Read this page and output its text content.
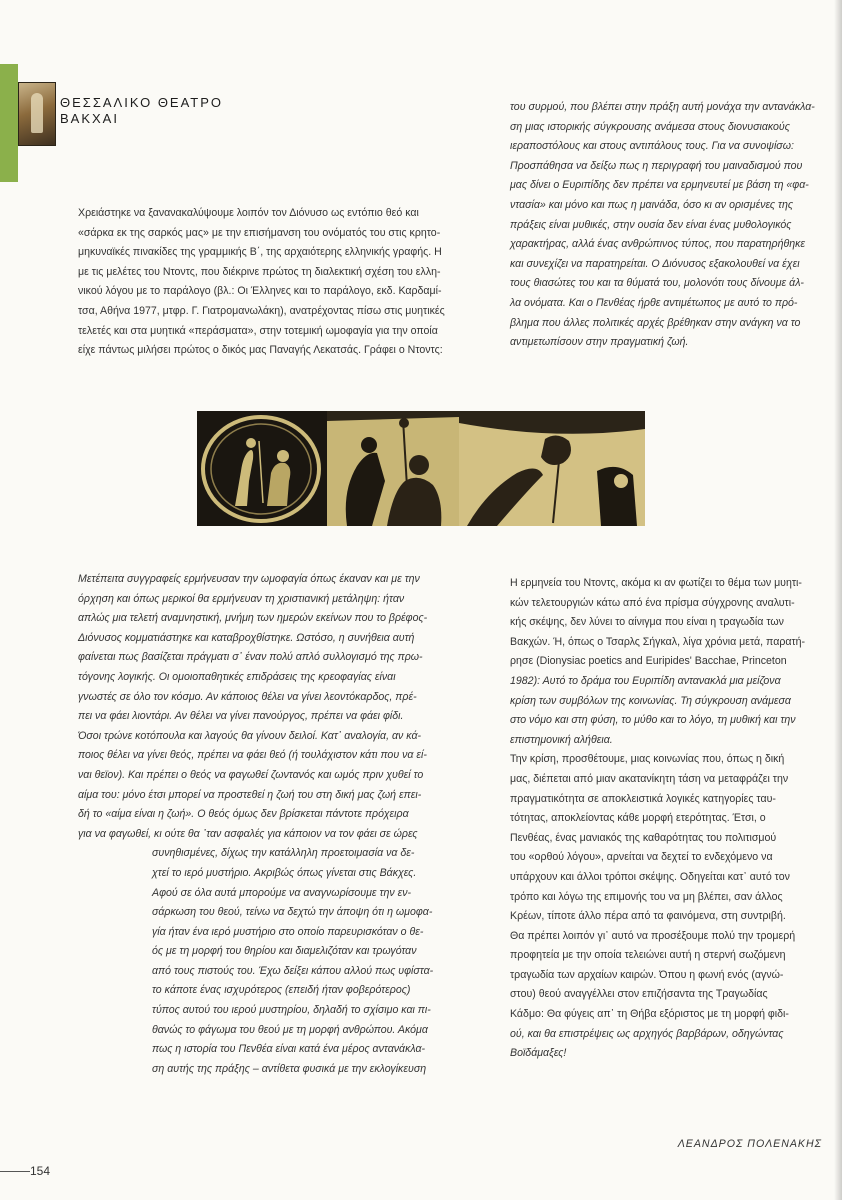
ΘΕΣΣΑΛΙΚΟ ΘΕΑΤΡΟ
ΒΑΚΧΑΙ
Χρειάστηκε να ξανανακαλύψουμε λοιπόν τον Διόνυσο ως εντόπιο θεό και
«σάρκα εκ της σαρκός μας» με την επισήμανση του ονόματός του στις κρητο-
μηκυναϊκές πινακίδες της γραμμικής Β΄, της αρχαιότερης ελληνικής γραφής. Η
με τις μελέτες του Ντοντς, που διέκρινε πρώτος τη διαλεκτική σχέση του ελλη-
νικού λόγου με το παράλογο (βλ.: Οι Έλληνες και το παράλογο, εκδ. Καρδαμί-
τσα, Αθήνα 1977, μτφρ. Γ. Γιατρομανωλάκη), ανατρέχοντας πίσω στις μυητικές
τελετές και στα μυητικά «περάσματα», στην τοτεμική ωμοφαγία για την οποία
είχε πάντως μιλήσει πρώτος ο δικός μας Παναγής Λεκατσάς. Γράφει ο Ντοντς:
του συρμού, που βλέπει στην πράξη αυτή μονάχα την αντανάκλα-
ση μιας ιστορικής σύγκρουσης ανάμεσα στους διονυσιακούς
ιεραποστόλους και στους αντιπάλους τους. Για να συνοψίσω:
Προσπάθησα να δείξω πως η περιγραφή του μαιναδισμού που
μας δίνει ο Ευριπίδης δεν πρέπει να ερμηνευτεί με βάση τη «φα-
ντασία» και μόνο και πως η μαινάδα, όσο κι αν ορισμένες της
πράξεις είναι μυθικές, στην ουσία δεν είναι ένας μυθολογικός
χαρακτήρας, αλλά ένας ανθρώπινος τύπος, που παρατηρήθηκε
και συνεχίζει να παρατηρείται. Ο Διόνυσος εξακολουθεί να έχει
τους θιασώτες του και τα θύματά του, μολονότι τους δίνουμε άλ-
λα ονόματα. Και ο Πενθέας ήρθε αντιμέτωπος με αυτό το πρό-
βλημα που άλλες πολιτικές αρχές βρέθηκαν στην ανάγκη να το
αντιμετωπίσουν στην πραγματική ζωή.
Μετέπειτα συγγραφείς ερμήνευσαν την ωμοφαγία όπως έκαναν και με την
όρχηση και όπως μερικοί θα ερμήνευαν τη χριστιανική μετάληψη: ήταν
απλώς μια τελετή αναμνηστική, μνήμη των ημερών εκείνων που το βρέφος-
Διόνυσος κομματιάστηκε και καταβροχθίστηκε. Ωστόσο, η συνήθεια αυτή
φαίνεται πως βασίζεται πράγματι σ᾽ έναν πολύ απλό συλλογισμό της πρω-
τόγονης λογικής. Οι ομοιοπαθητικές επιδράσεις της κρεοφαγίας είναι
γνωστές σε όλο τον κόσμο. Αν κάποιος θέλει να γίνει λεοντόκαρδος, πρέ-
πει να φάει λιοντάρι. Αν θέλει να γίνει πανούργος, πρέπει να φάει φίδι.
Όσοι τρώνε κοτόπουλα και λαγούς θα γίνουν δειλοί. Κατ᾽ αναλογία, αν κά-
ποιος θέλει να γίνει θεός, πρέπει να φάει θεό (ή τουλάχιστον κάτι που να εί-
ναι θεϊον). Και πρέπει ο θεός να φαγωθεί ζωντανός και ωμός πριν χυθεί το
αίμα του: μόνο έτσι μπορεί να προστεθεί η ζωή του στη δική μας ζωή επει-
δή το «αίμα είναι η ζωή». Ο θεός όμως δεν βρίσκεται πάντοτε πρόχειρα
για να φαγωθεί, κι ούτε θα ᾽ταν ασφαλές για κάποιον να τον φάει σε ώρες
συνηθισμένες, δίχως την κατάλληλη προετοιμασία να δε-
χτεί το ιερό μυστήριο. Ακριβώς όπως γίνεται στις Βάκχες.
Αφού σε όλα αυτά μπορούμε να αναγνωρίσουμε την εν-
σάρκωση του θεού, τείνω να δεχτώ την άποψη ότι η ωμοφα-
γία ήταν ένα ιερό μυστήριο στο οποίο παρευρισκόταν ο θε-
ός με τη μορφή του θηρίου και διαμελιζόταν και τρωγόταν
από τους πιστούς του. Έχω δείξει κάπου αλλού πως υφίστα-
το κάποτε ένας ισχυρότερος (επειδή ήταν φοβερότερος)
τύπος αυτού του ιερού μυστηρίου, δηλαδή το σχίσιμο και πι-
θανώς το φάγωμα του θεού με τη μορφή ανθρώπου. Ακόμα
πως η ιστορία του Πενθέα είναι κατά ένα μέρος αντανάκλα-
ση αυτής της πράξης – αντίθετα φυσικά με την εκλογίκευση
Η ερμηνεία του Ντοντς, ακόμα κι αν φωτίζει το θέμα των μυητι-
κών τελετουργιών κάτω από ένα πρίσμα σύγχρονης αναλυτι-
κής σκέψης, δεν λύνει το αίνιγμα που είναι η τραγωδία των
Βακχών. Ή, όπως ο Τσαρλς Σήγκαλ, λίγα χρόνια μετά, παρατή-
ρησε (Dionysiac poetics and Euripides' Bacchae, Princeton
1982): Αυτό το δράμα του Ευριπίδη αντανακλά μια μείζονα
κρίση των συμβόλων της κοινωνίας. Τη σύγκρουση ανάμεσα
στο νόμο και στη φύση, το μύθο και το λόγο, τη μυθική και την
επιστημονική αλήθεια.
Την κρίση, προσθέτουμε, μιας κοινωνίας που, όπως η δική
μας, διέπεται από μιαν ακατανίκητη τάση να μεταφράζει την
πραγματικότητα σε αποκλειστικά λογικές κατηγορίες ταυ-
τότητας, αποκλείοντας κάθε μορφή ετερότητας. Έτσι, ο
Πενθέας, ένας μανιακός της καθαρότητας του πολιτισμού
του «ορθού λόγου», αρνείται να δεχτεί το ενδεχόμενο να
υπάρχουν και άλλοι τρόποι σκέψης. Οδηγείται κατ᾽ αυτό τον
τρόπο και λόγω της επιμονής του να μη βλέπει, σαν άλλος
Κρέων, τίποτε άλλο πέρα από τα φαινόμενα, στη συντριβή.
Θα πρέπει λοιπόν γι᾽ αυτό να προσέξουμε πολύ την τρομερή
προφητεία με την οποία τελειώνει αυτή η στερνή σωζόμενη
τραγωδία των αρχαίων καιρών. Όπου η φωνή ενός (αγνώ-
στου) θεού αναγγέλλει στον επιζήσαντα της Τραγωδίας
Κάδμο: Θα φύγεις απ᾽ τη Θήβα εξόριστος με τη μορφή φιδι-
ού, και θα επιστρέψεις ως αρχηγός βαρβάρων, οδηγώντας
Βοϊδάμαξες!
ΛΕΑΝΔΡΟΣ ΠΟΛΕΝΑΚΗΣ
154
